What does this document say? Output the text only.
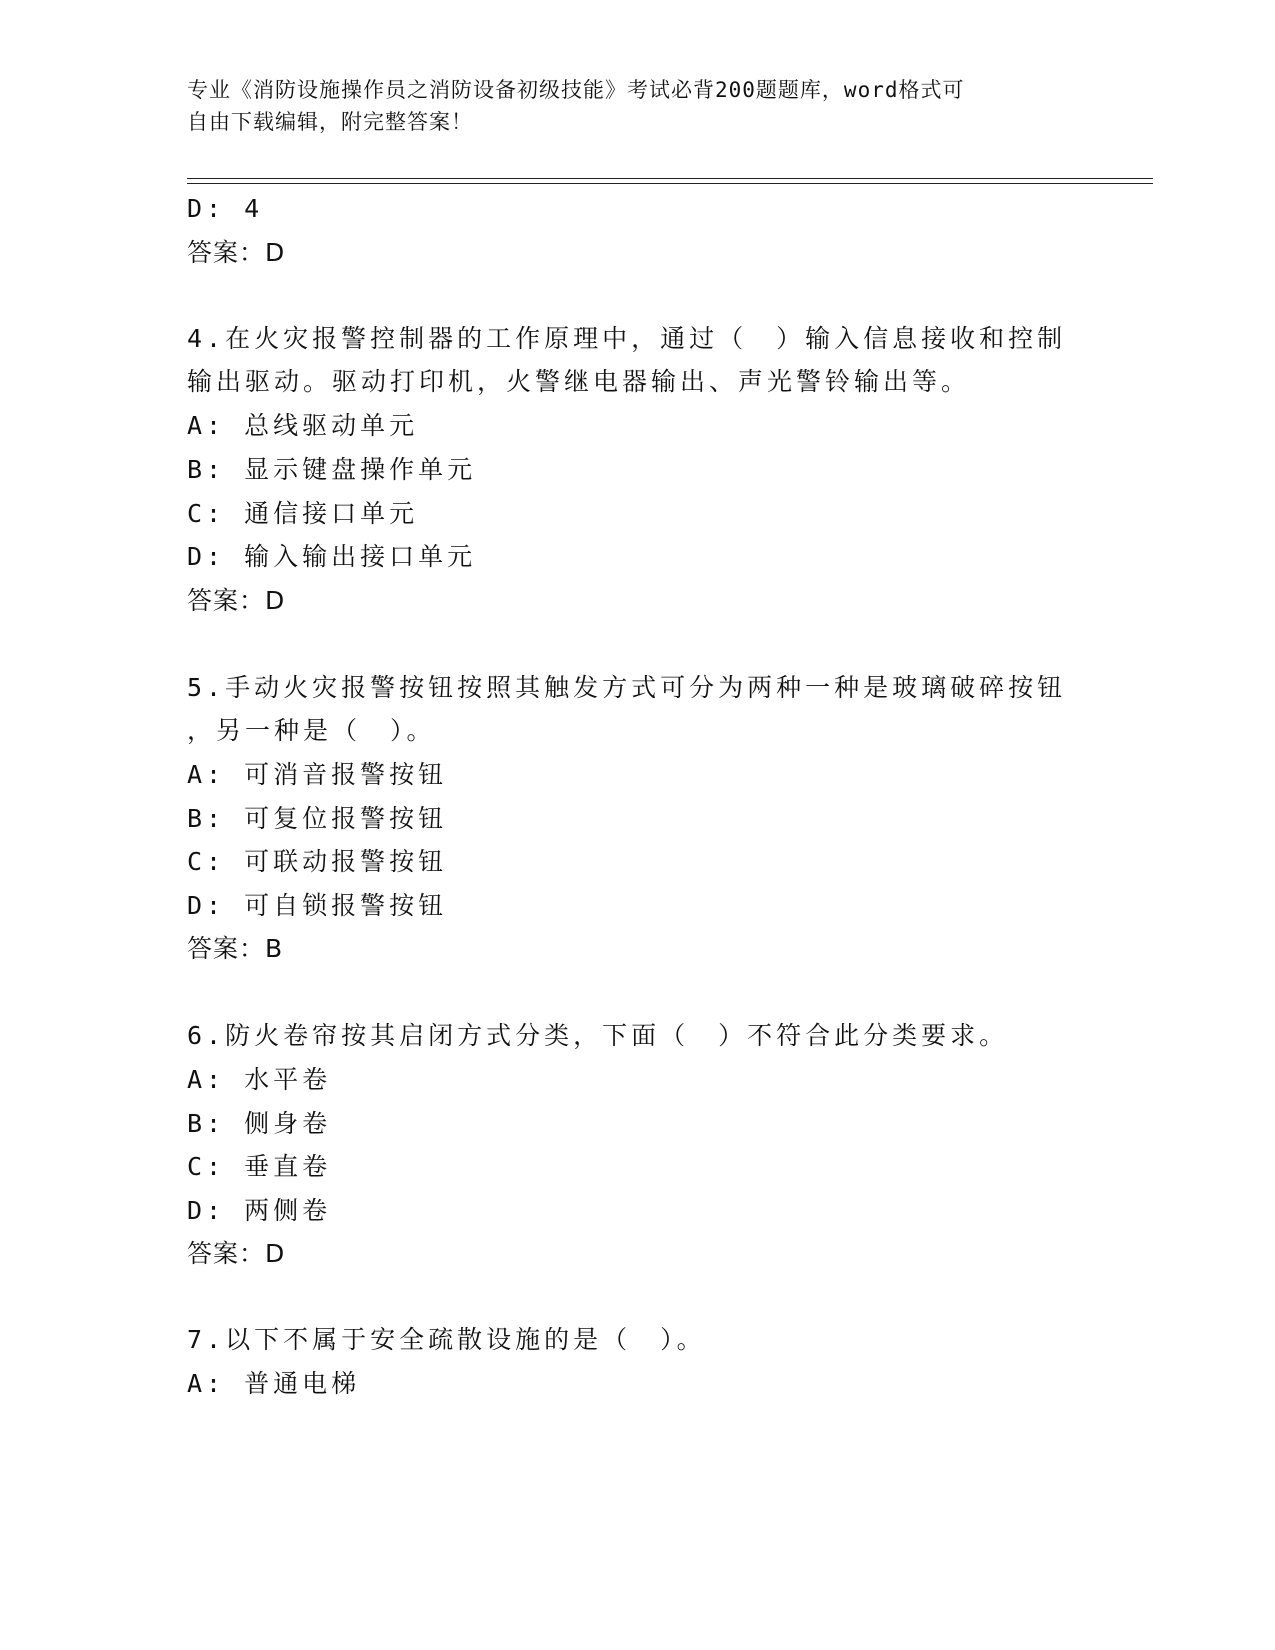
专业《消防设施操作员之消防设备初级技能》考试必背200题题库，word格式可
自由下载编辑，附完整答案！
D: 4
答案：D
4.在火灾报警控制器的工作原理中，通过（　）输入信息接收和控制
输出驱动。驱动打印机，火警继电器输出、声光警铃输出等。
A: 总线驱动单元
B: 显示键盘操作单元
C: 通信接口单元
D: 输入输出接口单元
答案：D
5.手动火灾报警按钮按照其触发方式可分为两种一种是玻璃破碎按钮
，另一种是（　）。
A: 可消音报警按钮
B: 可复位报警按钮
C: 可联动报警按钮
D: 可自锁报警按钮
答案：B
6.防火卷帘按其启闭方式分类，下面（　）不符合此分类要求。
A: 水平卷
B: 侧身卷
C: 垂直卷
D: 两侧卷
答案：D
7.以下不属于安全疏散设施的是（　）。
A: 普通电梯
